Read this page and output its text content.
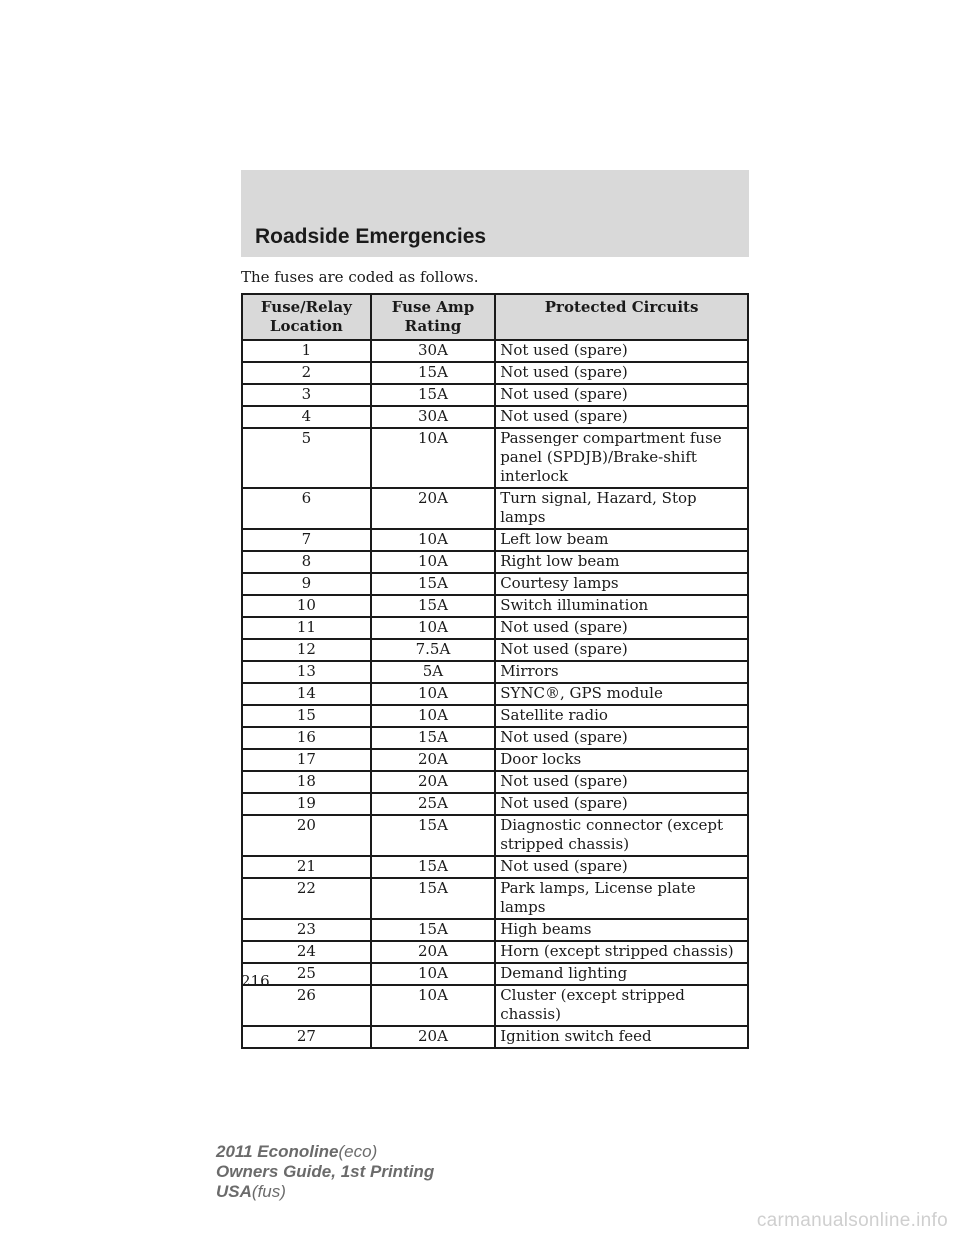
Roadside Emergencies
The fuses are coded as follows.
Fuse/Relay Location	Fuse Amp Rating	Protected Circuits
1	30A	Not used (spare)
2	15A	Not used (spare)
3	15A	Not used (spare)
4	30A	Not used (spare)
5	10A	Passenger compartment fuse panel (SPDJB)/Brake-shift interlock
6	20A	Turn signal, Hazard, Stop lamps
7	10A	Left low beam
8	10A	Right low beam
9	15A	Courtesy lamps
10	15A	Switch illumination
11	10A	Not used (spare)
12	7.5A	Not used (spare)
13	5A	Mirrors
14	10A	SYNC®, GPS module
15	10A	Satellite radio
16	15A	Not used (spare)
17	20A	Door locks
18	20A	Not used (spare)
19	25A	Not used (spare)
20	15A	Diagnostic connector (except stripped chassis)
21	15A	Not used (spare)
22	15A	Park lamps, License plate lamps
23	15A	High beams
24	20A	Horn (except stripped chassis)
25	10A	Demand lighting
26	10A	Cluster (except stripped chassis)
27	20A	Ignition switch feed
216
2011 Econoline(eco)
Owners Guide, 1st Printing
USA(fus)
carmanualsonline.info
